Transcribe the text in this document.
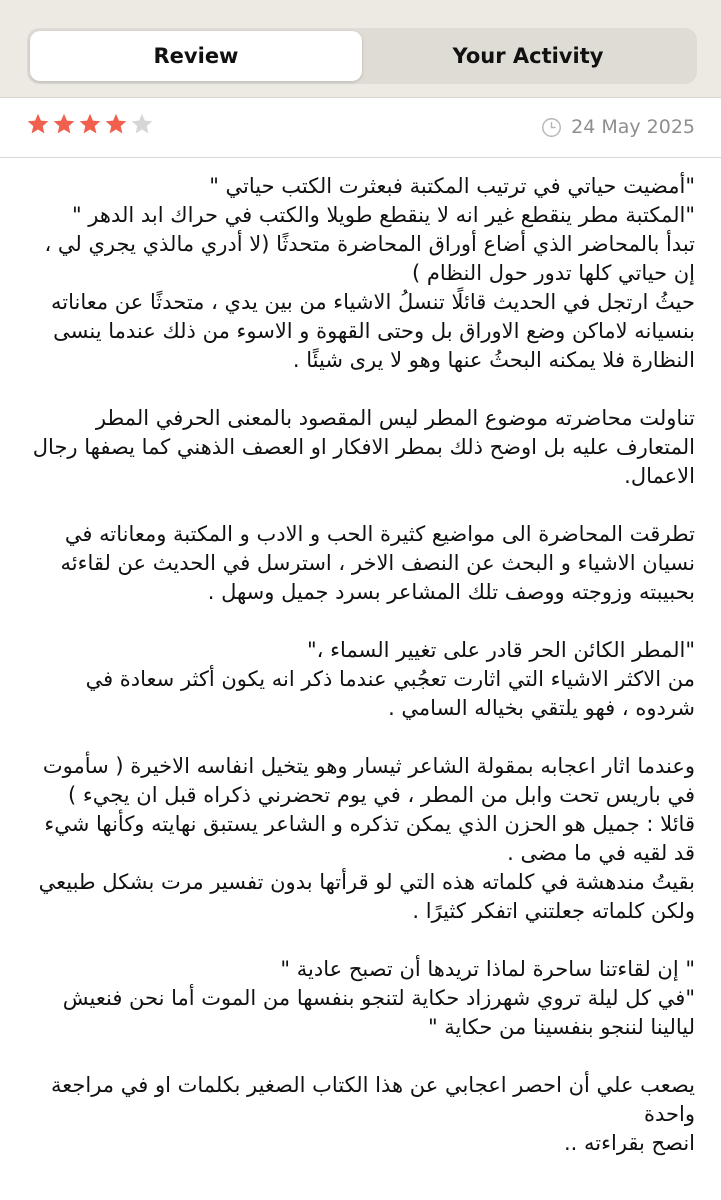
Review	Your Activity
24 May 2025
"أمضيت حياتي في ترتيب المكتبة فبعثرت الكتب حياتي "
"المكتبة مطر ينقطع غير انه لا ينقطع طويلا والكتب في حراك ابد الدهر "
تبدأ بالمحاضر الذي أضاع أوراق المحاضرة متحدثًا (لا أدري مالذي يجري لي ، إن حياتي كلها تدور حول النظام )
حيثُ ارتجل في الحديث قائلًا تنسلُ الاشياء من بين يدي ، متحدثًا عن معاناته بنسيانه لاماكن وضع الاوراق بل وحتى القهوة و الاسوء من ذلك عندما ينسى النظارة فلا يمكنه البحثُ عنها وهو لا يرى شيئًا .

تناولت محاضرته موضوع المطر ليس المقصود بالمعنى الحرفي المطر المتعارف عليه بل اوضح ذلك بمطر الافكار او العصف الذهني كما يصفها رجال الاعمال.

تطرقت المحاضرة الى مواضيع كثيرة الحب و الادب و المكتبة ومعاناته في نسيان الاشياء و البحث عن النصف الاخر ، استرسل في الحديث عن لقاءئه بحبيبته وزوجته ووصف تلك المشاعر بسرد جميل وسهل .

"المطر الكائن الحر قادر على تغيير السماء ،"
من الاكثر الاشياء التي اثارت تعجُبي عندما ذكر انه يكون أكثر سعادة في شردوه ، فهو يلتقي بخياله السامي .

وعندما اثار اعجابه بمقولة الشاعر ثيسار وهو يتخيل انفاسه الاخيرة ( سأموت في باريس تحت وابل من المطر ، في يوم تحضرني ذكراه قبل ان يجيء )
قائلا : جميل هو الحزن الذي يمكن تذكره و الشاعر يستبق نهايته وكأنها شيء قد لقيه في ما مضى .
بقيتُ مندهشة في كلماته هذه التي لو قرأتها بدون تفسير مرت بشكل طبيعي ولكن كلماته جعلتني اتفكر كثيرًا .

" إن لقاءتنا ساحرة لماذا تريدها أن تصبح عادية "
"في كل ليلة تروي شهرزاد حكاية لتنجو بنفسها من الموت أما نحن فنعيش ليالينا لننجو بنفسينا من حكاية "

يصعب علي أن احصر اعجابي عن هذا الكتاب الصغير بكلمات او في مراجعة واحدة
انصح بقراءته ..
